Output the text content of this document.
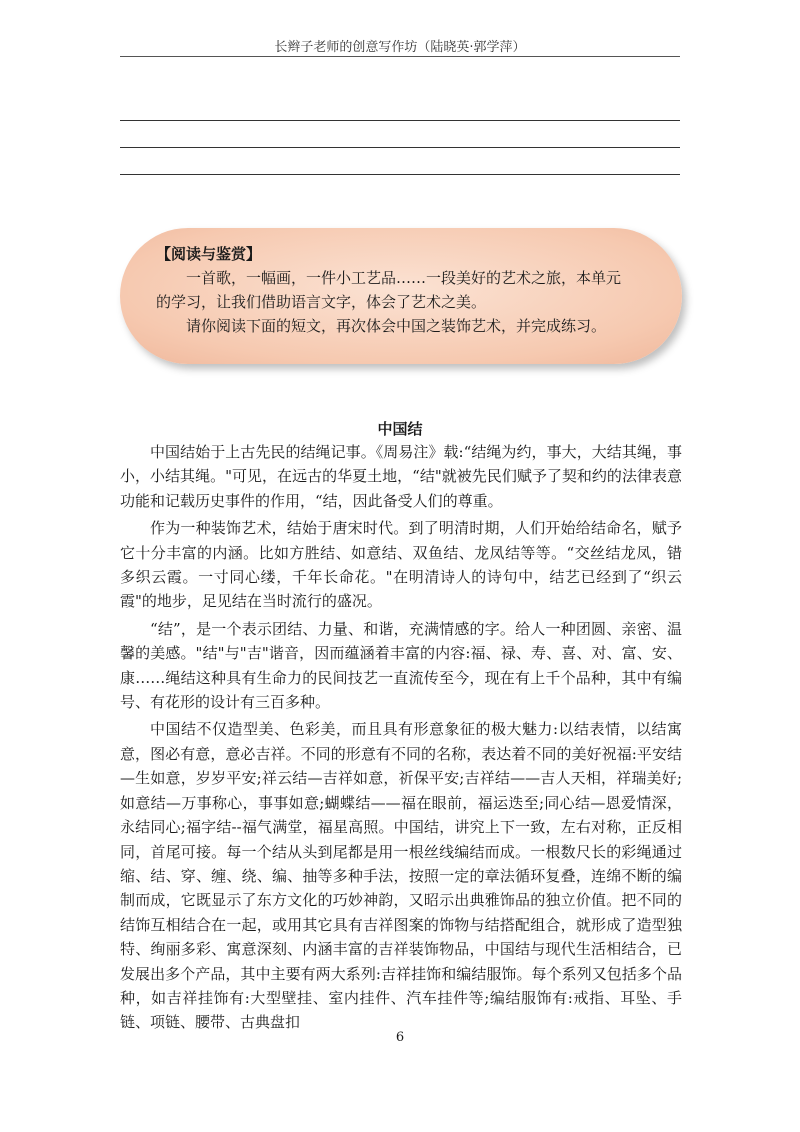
长辫子老师的创意写作坊（陆晓英·郭学萍）
【阅读与鉴赏】

一首歌，一幅画，一件小工艺品……一段美好的艺术之旅，本单元的学习，让我们借助语言文字，体会了艺术之美。

请你阅读下面的短文，再次体会中国之装饰艺术，并完成练习。

中国结

中国结始于上古先民的结绳记事。《周易注》载:“结绳为约，事大，大结其绳，事小，小结其绳。"可见，在远古的华夏土地，“结"就被先民们赋予了契和约的法律表意功能和记载历史事件的作用，“结，因此备受人们的尊重。

作为一种装饰艺术，结始于唐宋时代。到了明清时期，人们开始给结命名，赋予它十分丰富的内涵。比如方胜结、如意结、双鱼结、龙凤结等等。“交丝结龙凤，错多织云霞。一寸同心缕，千年长命花。"在明清诗人的诗句中，结艺已经到了“织云霞"的地步，足见结在当时流行的盛况。

“结”，是一个表示团结、力量、和谐，充满情感的字。给人一种团圆、亲密、温馨的美感。"结"与"吉"谐音，因而蕴涵着丰富的内容:福、禄、寿、喜、对、富、安、康……绳结这种具有生命力的民间技艺一直流传至今，现在有上千个品种，其中有编号、有花形的设计有三百多种。

中国结不仅造型美、色彩美，而且具有形意象征的极大魅力:以结表情，以结寓意，图必有意，意必吉祥。不同的形意有不同的名称，表达着不同的美好祝福:平安结—生如意，岁岁平安;祥云结—吉祥如意，祈保平安;吉祥结——吉人天相，祥瑞美好;如意结—万事称心，事事如意;蝴蝶结——福在眼前，福运迭至;同心结—恩爱情深，永结同心;福字结--福气满堂，福星高照。中国结，讲究上下一致，左右对称，正反相同，首尾可接。每一个结从头到尾都是用一根丝线编结而成。一根数尺长的彩绳通过缩、结、穿、缠、绕、编、抽等多种手法，按照一定的章法循环复叠，连绵不断的编制而成，它既显示了东方文化的巧妙神韵，又昭示出典雅饰品的独立价值。把不同的结饰互相结合在一起，或用其它具有吉祥图案的饰物与结搭配组合，就形成了造型独特、绚丽多彩、寓意深刻、内涵丰富的吉祥装饰物品，中国结与现代生活相结合，已发展出多个产品，其中主要有两大系列:吉祥挂饰和编结服饰。每个系列又包括多个品种，如吉祥挂饰有:大型壁挂、室内挂件、汽车挂件等;编结服饰有:戒指、耳坠、手链、项链、腰带、古典盘扣

6
